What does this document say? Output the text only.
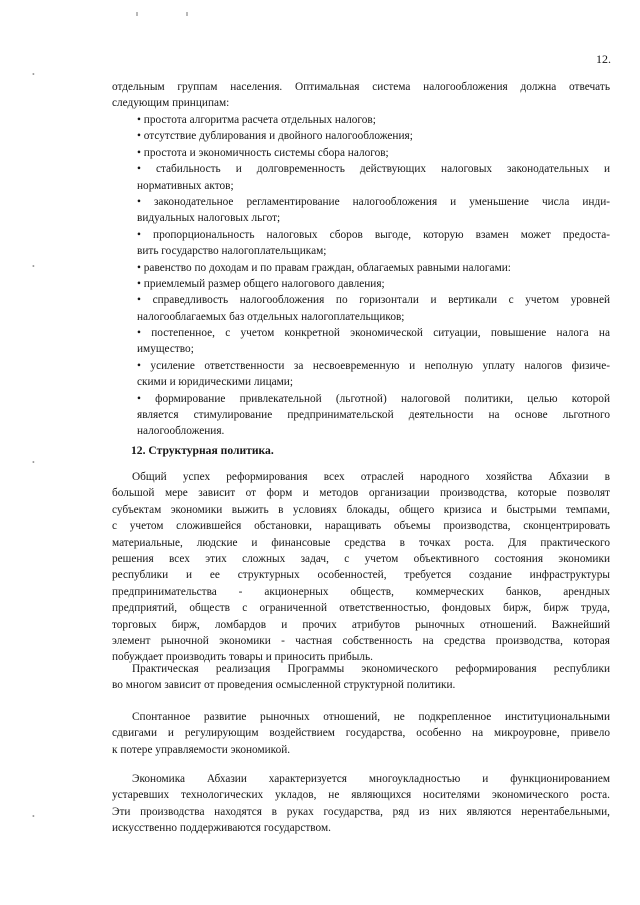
•
•
•
•
12.
отдельным группам населения. Оптимальная система налогообложения должна отвечать
следующим принципам:
• простота алгоритма расчета отдельных налогов;
• отсутствие дублирования и двойного налогообложения;
• простота и экономичность системы сбора налогов;
• стабильность и долговременность действующих налоговых законодательных и
нормативных актов;
• законодательное регламентирование налогообложения и уменьшение числа инди-
видуальных налоговых льгот;
• пропорциональность налоговых сборов выгоде, которую взамен может предоста-
вить государство налогоплательщикам;
• равенство по доходам и по правам граждан, облагаемых равными налогами:
• приемлемый размер общего налогового давления;
• справедливость налогообложения по горизонтали и вертикали с учетом уровней
налогооблагаемых баз отдельных налогоплательщиков;
• постепенное, с учетом конкретной экономической ситуации, повышение налога на
имущество;
• усиление ответственности за несвоевременную и неполную уплату налогов физиче-
скими и юридическими лицами;
• формирование привлекательной (льготной) налоговой политики, целью которой
является стимулирование предпринимательской деятельности на основе льготного
налогообложения.
12. Структурная политика.
Общий успех реформирования всех отраслей народного хозяйства Абхазии в
большой мере зависит от форм и методов организации производства, которые позволят
субъектам экономики выжить в условиях блокады, общего кризиса и быстрыми темпами,
с учетом сложившейся обстановки, наращивать объемы производства, сконцентрировать
материальные, людские и финансовые средства в точках роста. Для практического
решения всех этих сложных задач, с учетом объективного состояния экономики
республики и ее структурных особенностей, требуется создание инфраструктуры
предпринимательства - акционерных обществ, коммерческих банков, арендных
предприятий, обществ с ограниченной ответственностью, фондовых бирж, бирж труда,
торговых бирж, ломбардов и прочих атрибутов рыночных отношений. Важнейший
элемент рыночной экономики - частная собственность на средства производства, которая
побуждает производить товары и приносить прибыль.
Практическая реализация Программы экономического реформирования республики
во многом зависит от проведения осмысленной структурной политики.
Спонтанное развитие рыночных отношений, не подкрепленное институциональными
сдвигами и регулирующим воздействием государства, особенно на микроуровне, привело
к потере управляемости экономикой.
Экономика Абхазии характеризуется многоукладностью и функционированием
устаревших технологических укладов, не являющихся носителями экономического роста.
Эти производства находятся в руках государства, ряд из них являются нерентабельными,
искусственно поддерживаются государством.
